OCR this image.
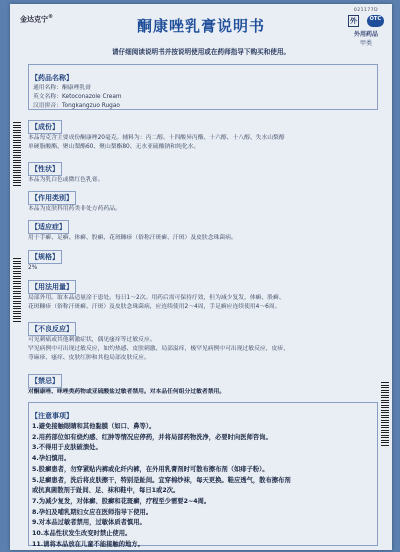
金达克宁®	酮康唑乳膏说明书
请仔细阅读说明书并按说明使用或在药师指导下购买和使用。
021177D
外	OTC
外用药品
甲类
【药品名称】
通用名称：酮康唑乳膏
英文名称：Ketoconazole Cream
汉语拼音：Tongkangzuo Rugao
【成份】
本品每克含主要成份酮康唑20毫克。辅料为：丙二醇、十四酸异丙酯、十六醇、十八醇、失水山梨醇
单硬脂酸酯、聚山梨酯60、聚山梨酯80、无水亚硫酸钠和纯化水。
【性状】
本品为乳白色或微红色乳膏。
【作用类别】
本品为皮肤科用药类非处方药药品。
【适应症】
用于手癣、足癣、体癣、股癣、花斑糠疹（俗称汗斑癣、汗斑）及皮肤念珠菌病。
【规格】
2%
【用法用量】
局部外用。取本品适量涂于患处。每日1～2次。用药后需可保持疗效，但为减少复发，体癣、股癣、
花斑糠疹（俗称汗斑癣、汗斑）及皮肤念珠菌病，应连续使用2～4周，手足癣应连续使用4～6周。
【不良反应】
可见刺痛或其他刺激症状，偶见瘙痒等过敏反应。
罕见病例中可出现过敏反应，如灼热感、皮肤刺激、局部溢痒，极罕见病例中可出现过敏反应，皮疹、
荨麻疹、瘙痒、皮肤红肿和其他局部皮肤反应。
【禁忌】
对酮康唑、咪唑类药物或亚硫酸盐过敏者禁用。对本品任何组分过敏者禁用。
【注意事项】
1.避免接触眼睛和其他黏膜（如口、鼻等）。
2.用药部位如有烧灼感、红肿等情况应停药，并将局部药物洗净，必要时向医师咨询。
3.不得用于皮肤破溃处。
4.孕妇慎用。
5.股癣患者，勿穿紧贴内裤或化纤内裤，在外用乳膏剂时可散布擦布剂（如痱子粉）。
5.足癣患者，洗后将皮肤擦干，特别是趾间。宜穿棉纱袜，每天更换。鞋应透气，散布擦布剂
或抗真菌散剂于趾间、足、袜和鞋中，每日1或2次。
7.为减少复发，对体癣、股癣和花斑癣，疗程至少需要2~4周。
8.孕妇及哺乳期妇女应在医师指导下使用。
9.对本品过敏者禁用，过敏体质者慎用。
10.本品性状发生改变时禁止使用。
11.请将本品放在儿童不能接触的地方。
